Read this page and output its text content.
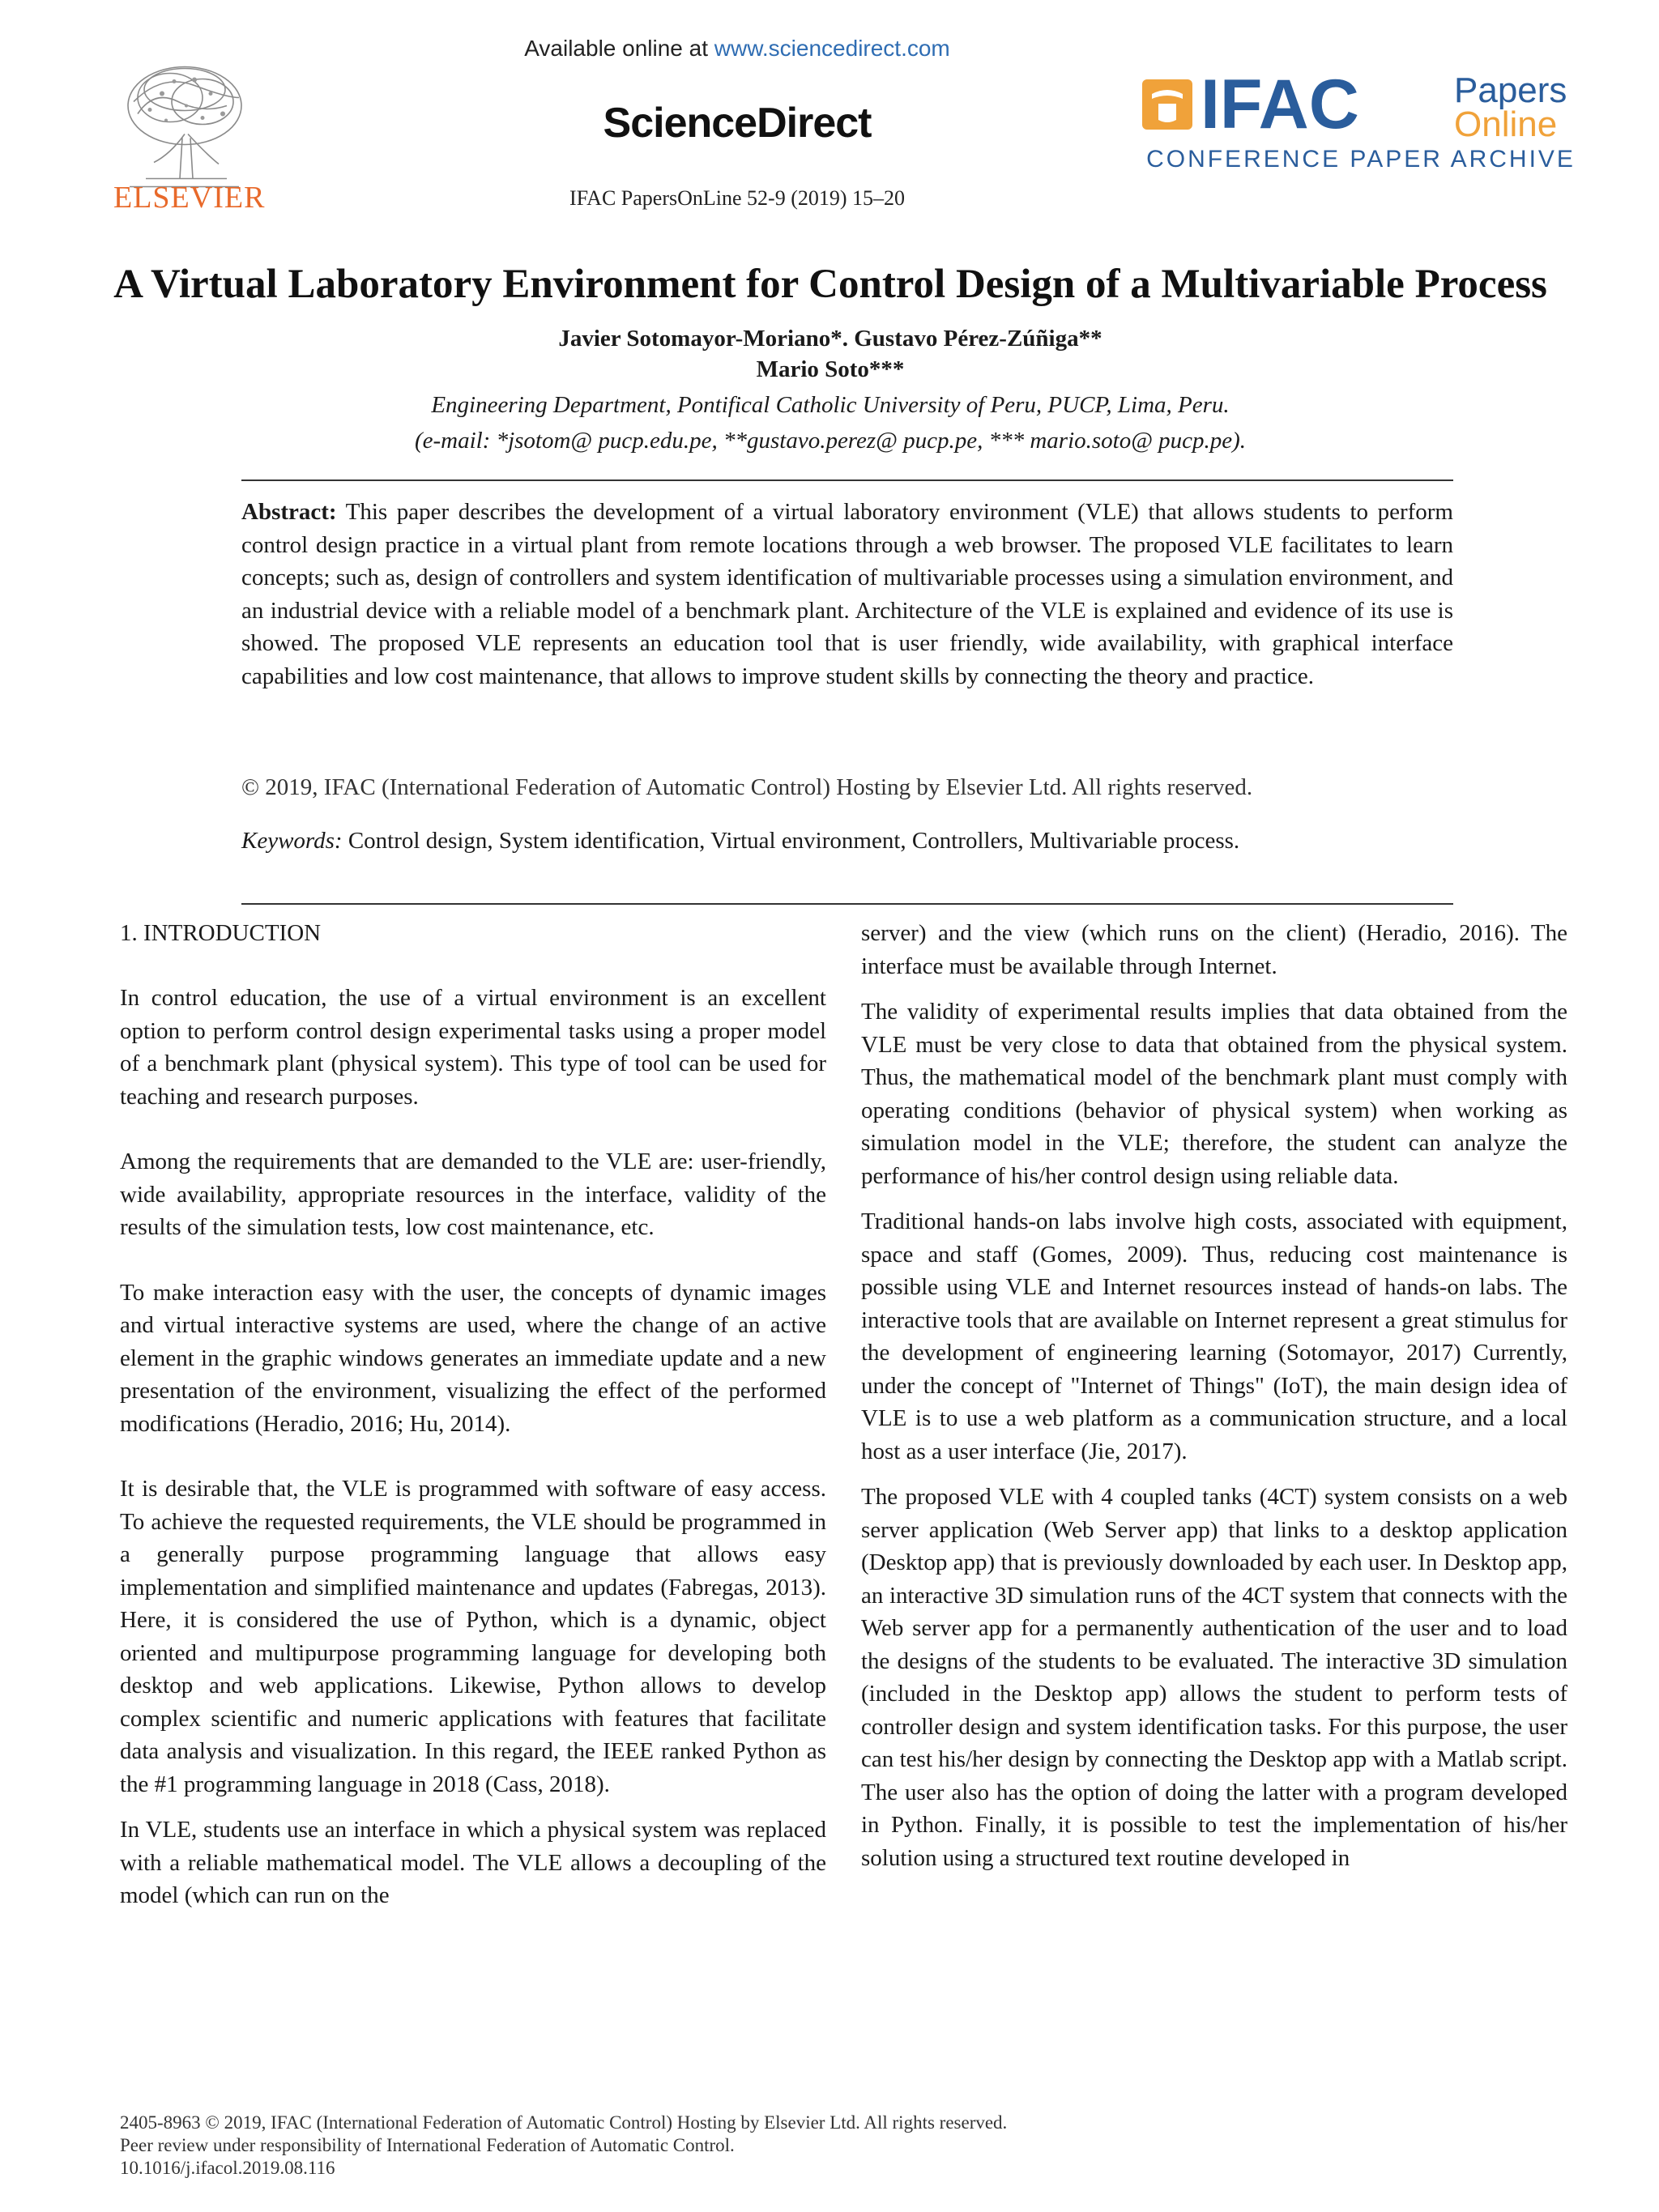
ELSEVIER
Available online at www.sciencedirect.com
ScienceDirect
IFAC PapersOnLine 52-9 (2019) 15–20
IFAC	Papers
Online
CONFERENCE PAPER ARCHIVE
A Virtual Laboratory Environment for Control Design of a Multivariable Process
Javier Sotomayor-Moriano*. Gustavo Pérez-Zúñiga**
Mario Soto***
Engineering Department, Pontifical Catholic University of Peru, PUCP, Lima, Peru.
(e-mail: *jsotom@ pucp.edu.pe, **gustavo.perez@ pucp.pe, *** mario.soto@ pucp.pe).
Abstract: This paper describes the development of a virtual laboratory environment (VLE) that allows students to perform control design practice in a virtual plant from remote locations through a web browser. The proposed VLE facilitates to learn concepts; such as, design of controllers and system identification of multivariable processes using a simulation environment, and an industrial device with a reliable model of a benchmark plant. Architecture of the VLE is explained and evidence of its use is showed. The proposed VLE represents an education tool that is user friendly, wide availability, with graphical interface capabilities and low cost maintenance, that allows to improve student skills by connecting the theory and practice.
© 2019, IFAC (International Federation of Automatic Control) Hosting by Elsevier Ltd. All rights reserved.
Keywords: Control design, System identification, Virtual environment, Controllers, Multivariable process.
1. INTRODUCTION

In control education, the use of a virtual environment is an excellent option to perform control design experimental tasks using a proper model of a benchmark plant (physical system). This type of tool can be used for teaching and research purposes.

Among the requirements that are demanded to the VLE are: user-friendly, wide availability, appropriate resources in the interface, validity of the results of the simulation tests, low cost maintenance, etc.

To make interaction easy with the user, the concepts of dynamic images and virtual interactive systems are used, where the change of an active element in the graphic windows generates an immediate update and a new presentation of the environment, visualizing the effect of the performed modifications (Heradio, 2016; Hu, 2014).

It is desirable that, the VLE is programmed with software of easy access. To achieve the requested requirements, the VLE should be programmed in a generally purpose programming language that allows easy implementation and simplified maintenance and updates (Fabregas, 2013). Here, it is considered the use of Python, which is a dynamic, object oriented and multipurpose programming language for developing both desktop and web applications. Likewise, Python allows to develop complex scientific and numeric applications with features that facilitate data analysis and visualization. In this regard, the IEEE ranked Python as the #1 programming language in 2018 (Cass, 2018).

In VLE, students use an interface in which a physical system was replaced with a reliable mathematical model. The VLE allows a decoupling of the model (which can run on the

server) and the view (which runs on the client) (Heradio, 2016). The interface must be available through Internet.

The validity of experimental results implies that data obtained from the VLE must be very close to data that obtained from the physical system. Thus, the mathematical model of the benchmark plant must comply with operating conditions (behavior of physical system) when working as simulation model in the VLE; therefore, the student can analyze the performance of his/her control design using reliable data.

Traditional hands-on labs involve high costs, associated with equipment, space and staff (Gomes, 2009). Thus, reducing cost maintenance is possible using VLE and Internet resources instead of hands-on labs. The interactive tools that are available on Internet represent a great stimulus for the development of engineering learning (Sotomayor, 2017) Currently, under the concept of "Internet of Things" (IoT), the main design idea of VLE is to use a web platform as a communication structure, and a local host as a user interface (Jie, 2017).

The proposed VLE with 4 coupled tanks (4CT) system consists on a web server application (Web Server app) that links to a desktop application (Desktop app) that is previously downloaded by each user. In Desktop app, an interactive 3D simulation runs of the 4CT system that connects with the Web server app for a permanently authentication of the user and to load the designs of the students to be evaluated. The interactive 3D simulation (included in the Desktop app) allows the student to perform tests of controller design and system identification tasks. For this purpose, the user can test his/her design by connecting the Desktop app with a Matlab script. The user also has the option of doing the latter with a program developed in Python. Finally, it is possible to test the implementation of his/her solution using a structured text routine developed in

2405-8963 © 2019, IFAC (International Federation of Automatic Control) Hosting by Elsevier Ltd. All rights reserved.
Peer review under responsibility of International Federation of Automatic Control.
10.1016/j.ifacol.2019.08.116
